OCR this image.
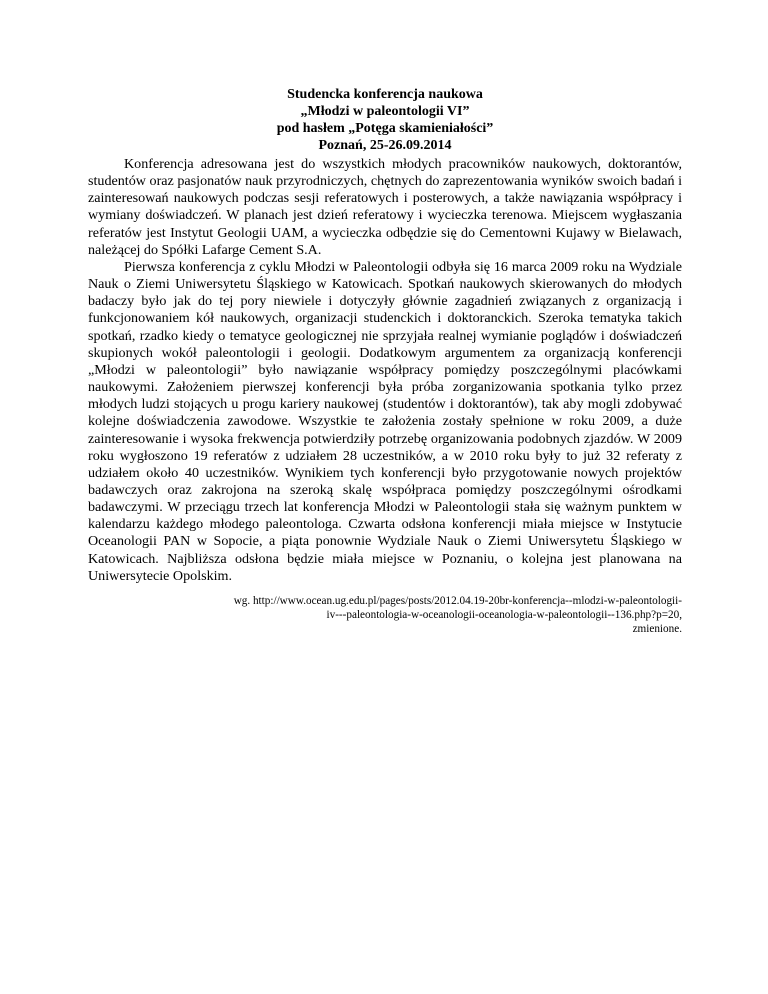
Studencka konferencja naukowa
„Młodzi w paleontologii VI”
pod hasłem „Potęga skamieniałości”
Poznań, 25-26.09.2014

Konferencja adresowana jest do wszystkich młodych pracowników naukowych, doktorantów, studentów oraz pasjonatów nauk przyrodniczych, chętnych do zaprezentowania wyników swoich badań i zainteresowań naukowych podczas sesji referatowych i posterowych, a także nawiązania współpracy i wymiany doświadczeń. W planach jest dzień referatowy i wycieczka terenowa. Miejscem wygłaszania referatów jest Instytut Geologii UAM, a wycieczka odbędzie się do Cementowni Kujawy w Bielawach, należącej do Spółki Lafarge Cement S.A.

Pierwsza konferencja z cyklu Młodzi w Paleontologii odbyła się 16 marca 2009 roku na Wydziale Nauk o Ziemi Uniwersytetu Śląskiego w Katowicach. Spotkań naukowych skierowanych do młodych badaczy było jak do tej pory niewiele i dotyczyły głównie zagadnień związanych z organizacją i funkcjonowaniem kół naukowych, organizacji studenckich i doktoranckich. Szeroka tematyka takich spotkań, rzadko kiedy o tematyce geologicznej nie sprzyjała realnej wymianie poglądów i doświadczeń skupionych wokół paleontologii i geologii. Dodatkowym argumentem za organizacją konferencji „Młodzi w paleontologii” było nawiązanie współpracy pomiędzy poszczególnymi placówkami naukowymi. Założeniem pierwszej konferencji była próba zorganizowania spotkania tylko przez młodych ludzi stojących u progu kariery naukowej (studentów i doktorantów), tak aby mogli zdobywać kolejne doświadczenia zawodowe. Wszystkie te założenia zostały spełnione w roku 2009, a duże zainteresowanie i wysoka frekwencja potwierdziły potrzebę organizowania podobnych zjazdów. W 2009 roku wygłoszono 19 referatów z udziałem 28 uczestników, a w 2010 roku były to już 32 referaty z udziałem około 40 uczestników. Wynikiem tych konferencji było przygotowanie nowych projektów badawczych oraz zakrojona na szeroką skalę współpraca pomiędzy poszczególnymi ośrodkami badawczymi. W przeciągu trzech lat konferencja Młodzi w Paleontologii stała się ważnym punktem w kalendarzu każdego młodego paleontologa. Czwarta odsłona konferencji miała miejsce w Instytucie Oceanologii PAN w Sopocie, a piąta ponownie Wydziale Nauk o Ziemi Uniwersytetu Śląskiego w Katowicach. Najbliższa odsłona będzie miała miejsce w Poznaniu, o kolejna jest planowana na Uniwersytecie Opolskim.

wg. http://www.ocean.ug.edu.pl/pages/posts/2012.04.19-20br-konferencja--mlodzi-w-paleontologii-
iv---paleontologia-w-oceanologii-oceanologia-w-paleontologii--136.php?p=20,
zmienione.
